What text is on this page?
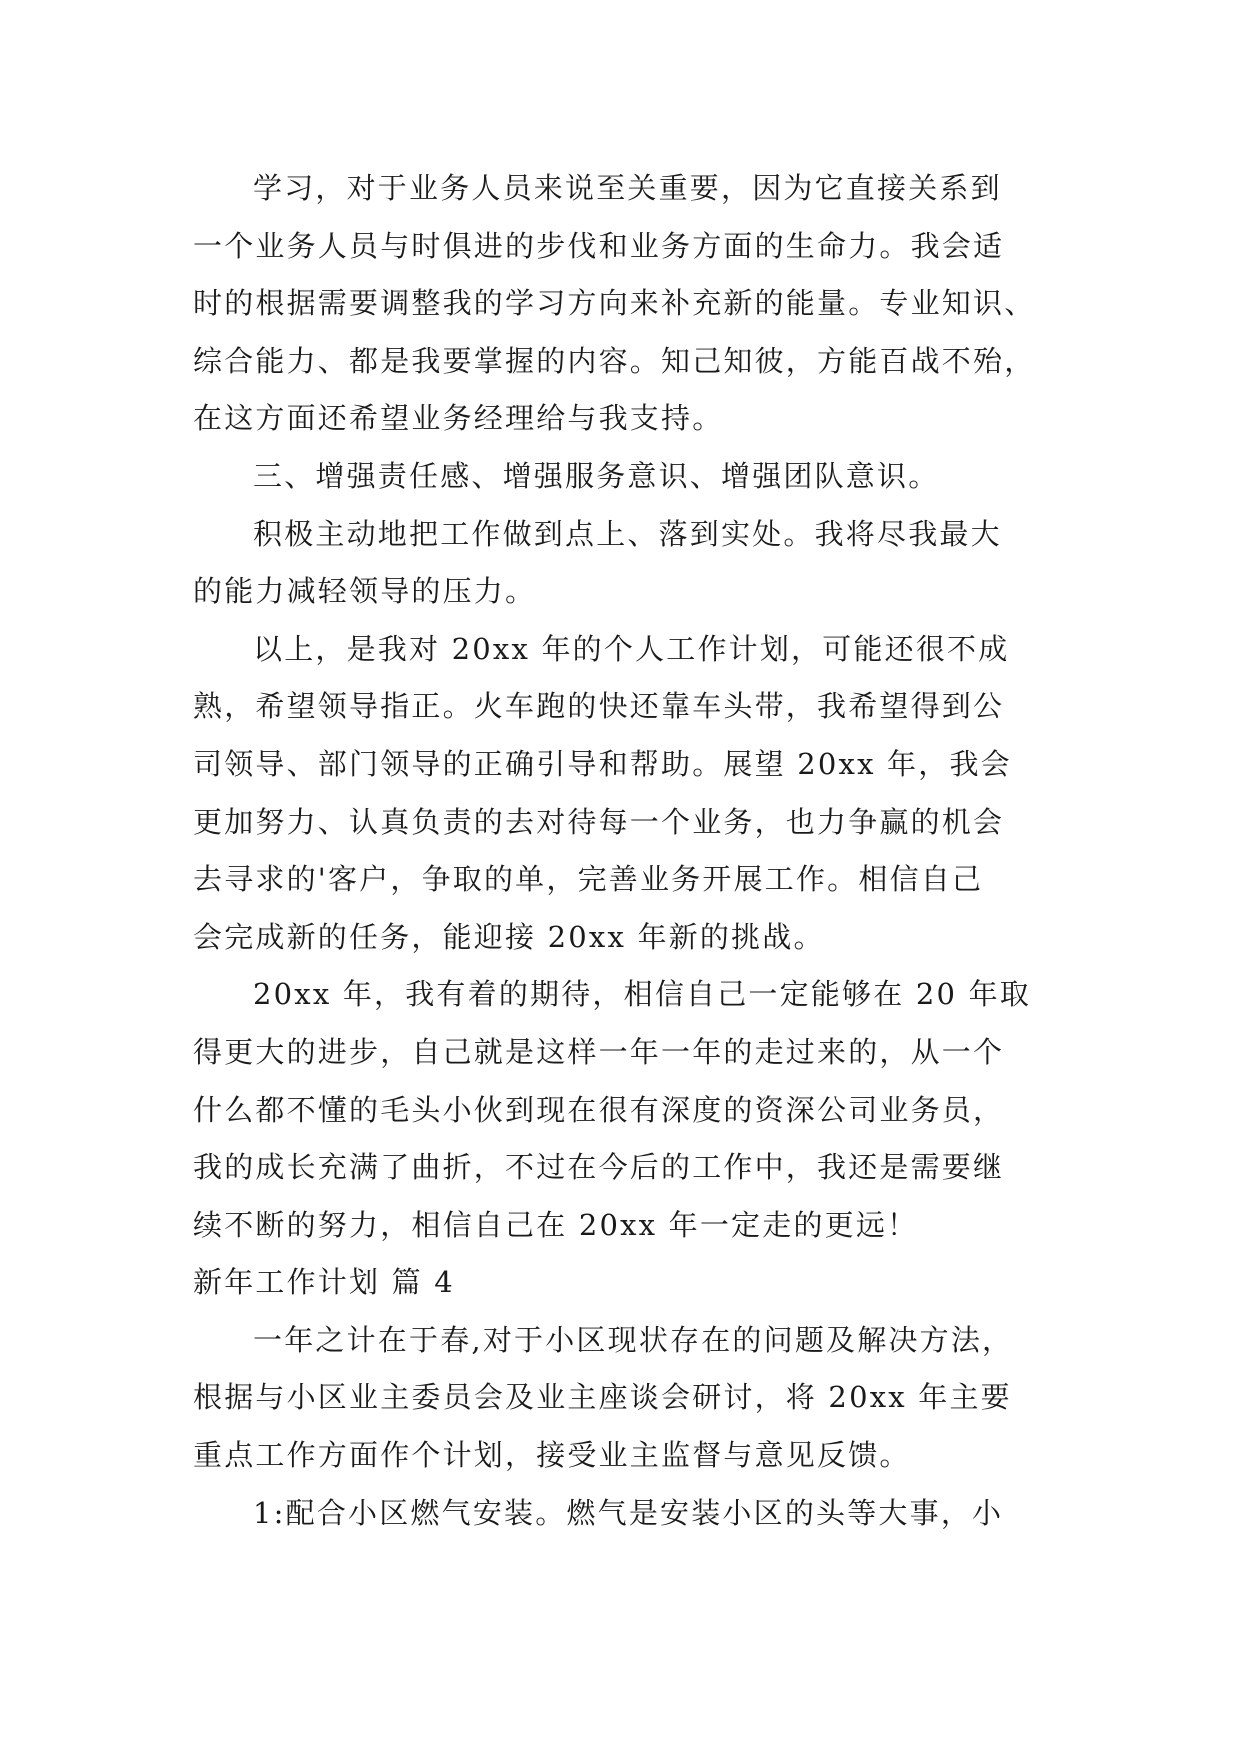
学习，对于业务人员来说至关重要，因为它直接关系到
一个业务人员与时俱进的步伐和业务方面的生命力。我会适
时的根据需要调整我的学习方向来补充新的能量。专业知识、
综合能力、都是我要掌握的内容。知己知彼，方能百战不殆，
在这方面还希望业务经理给与我支持。
三、增强责任感、增强服务意识、增强团队意识。
积极主动地把工作做到点上、落到实处。我将尽我最大
的能力减轻领导的压力。
以上，是我对 20xx 年的个人工作计划，可能还很不成
熟，希望领导指正。火车跑的快还靠车头带，我希望得到公
司领导、部门领导的正确引导和帮助。展望 20xx 年，我会
更加努力、认真负责的去对待每一个业务，也力争赢的机会
去寻求的'客户，争取的单，完善业务开展工作。相信自己
会完成新的任务，能迎接 20xx 年新的挑战。
20xx 年，我有着的期待，相信自己一定能够在 20 年取
得更大的进步，自己就是这样一年一年的走过来的，从一个
什么都不懂的毛头小伙到现在很有深度的资深公司业务员，
我的成长充满了曲折，不过在今后的工作中，我还是需要继
续不断的努力，相信自己在 20xx 年一定走的更远！
新年工作计划 篇 4
一年之计在于春,对于小区现状存在的问题及解决方法，
根据与小区业主委员会及业主座谈会研讨，将 20xx 年主要
重点工作方面作个计划，接受业主监督与意见反馈。
1:配合小区燃气安装。燃气是安装小区的头等大事，小
